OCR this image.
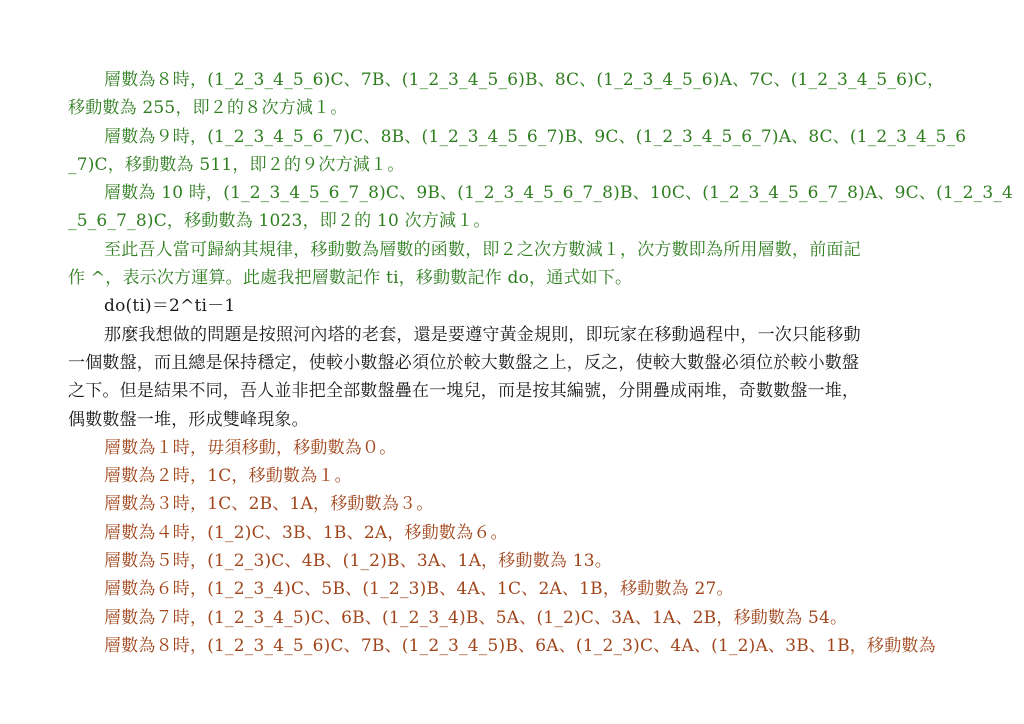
層數為８時，(1_2_3_4_5_6)C、7B、(1_2_3_4_5_6)B、8C、(1_2_3_4_5_6)A、7C、(1_2_3_4_5_6)C，
移動數為 255，即２的８次方減１。
層數為９時，(1_2_3_4_5_6_7)C、8B、(1_2_3_4_5_6_7)B、9C、(1_2_3_4_5_6_7)A、8C、(1_2_3_4_5_6
_7)C，移動數為 511，即２的９次方減１。
層數為 10 時，(1_2_3_4_5_6_7_8)C、9B、(1_2_3_4_5_6_7_8)B、10C、(1_2_3_4_5_6_7_8)A、9C、(1_2_3_4
_5_6_7_8)C，移動數為 1023，即２的 10 次方減１。
至此吾人當可歸納其規律，移動數為層數的函數，即２之次方數減１，次方數即為所用層數，前面記
作 ^，表示次方運算。此處我把層數記作 ti，移動數記作 do，通式如下。
do(ti)＝2^ti－1
那麼我想做的問題是按照河內塔的老套，還是要遵守黃金規則，即玩家在移動過程中，一次只能移動
一個數盤，而且總是保持穩定，使較小數盤必須位於較大數盤之上，反之，使較大數盤必須位於較小數盤
之下。但是結果不同，吾人並非把全部數盤疊在一塊兒，而是按其編號，分開疊成兩堆，奇數數盤一堆，
偶數數盤一堆，形成雙峰現象。
層數為１時，毋須移動，移動數為０。
層數為２時，1C，移動數為１。
層數為３時，1C、2B、1A，移動數為３。
層數為４時，(1_2)C、3B、1B、2A，移動數為６。
層數為５時，(1_2_3)C、4B、(1_2)B、3A、1A，移動數為 13。
層數為６時，(1_2_3_4)C、5B、(1_2_3)B、4A、1C、2A、1B，移動數為 27。
層數為７時，(1_2_3_4_5)C、6B、(1_2_3_4)B、5A、(1_2)C、3A、1A、2B，移動數為 54。
層數為８時，(1_2_3_4_5_6)C、7B、(1_2_3_4_5)B、6A、(1_2_3)C、4A、(1_2)A、3B、1B，移動數為
